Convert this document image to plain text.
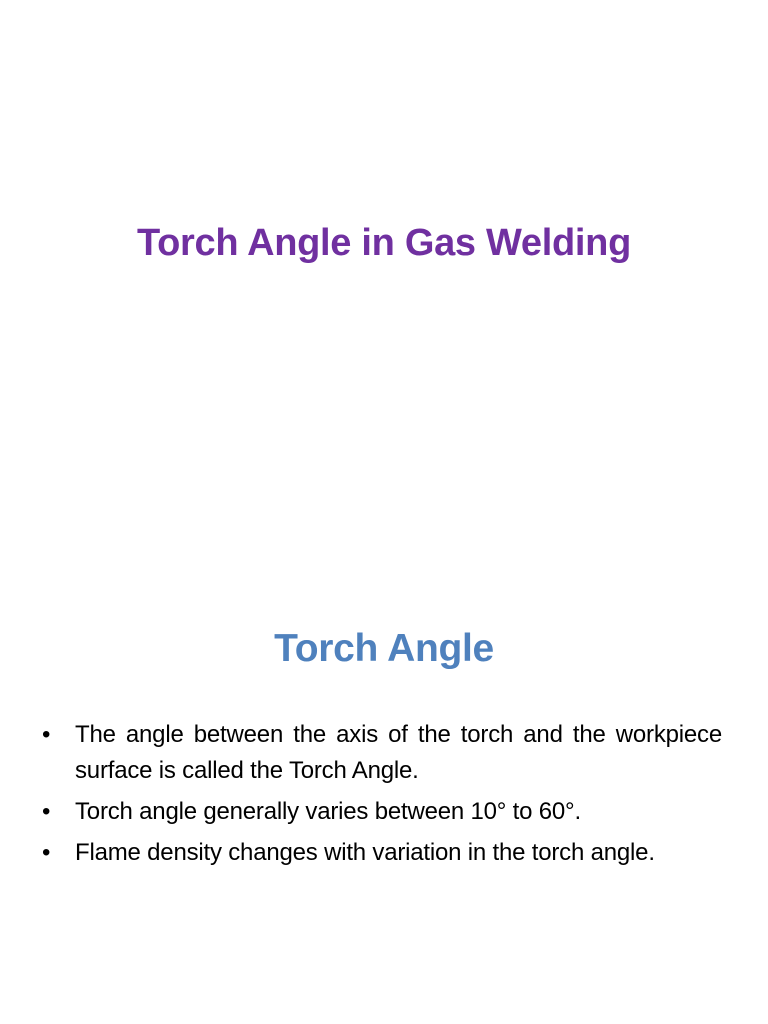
Torch Angle in Gas Welding
Torch Angle
• The angle between the axis of the torch and the workpiece surface is called the Torch Angle.
• Torch angle generally varies between 10° to 60°.
• Flame density changes with variation in the torch angle.
